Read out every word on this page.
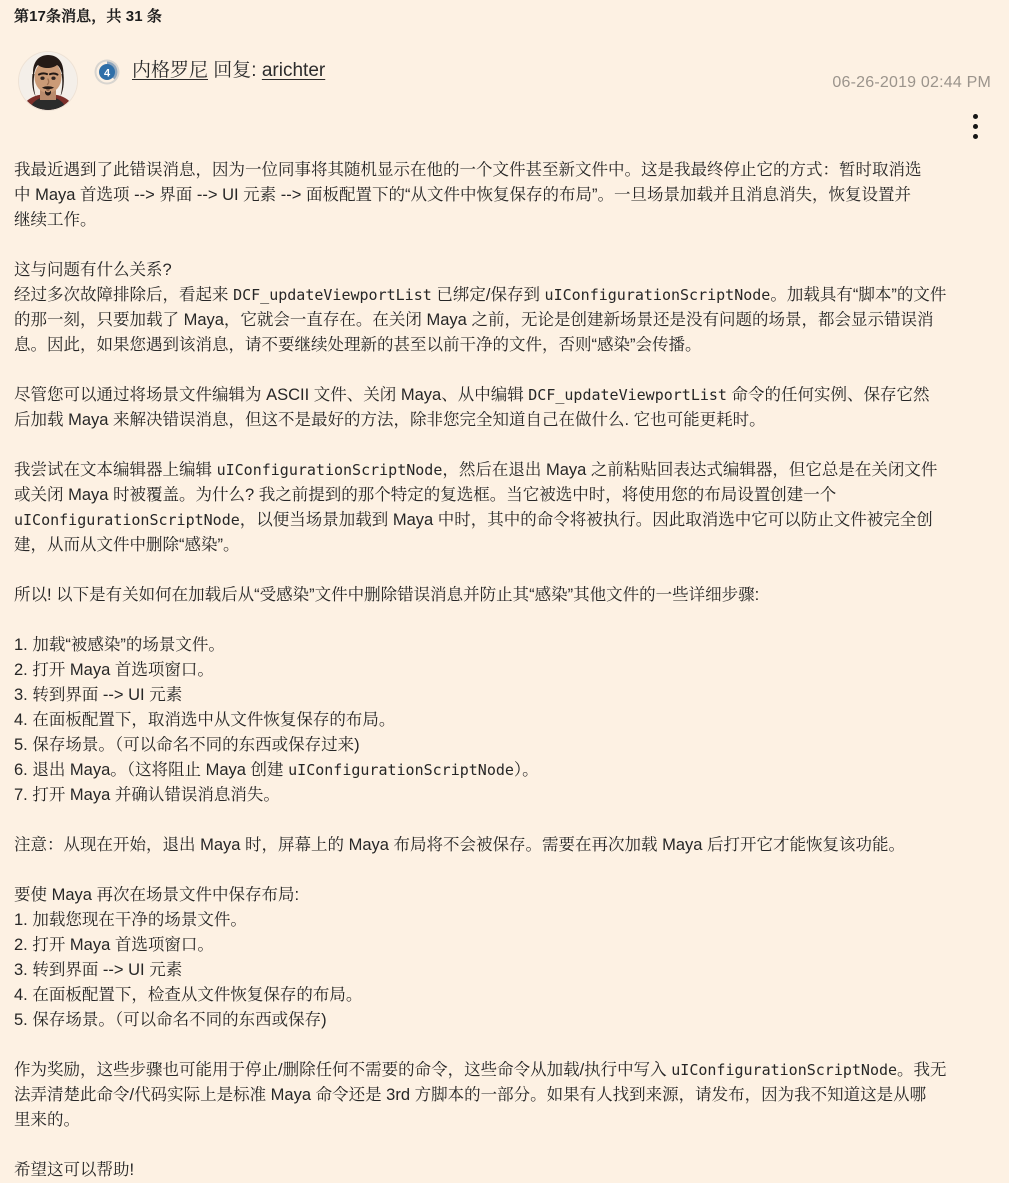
第17条消息，共 31 条
4 内格罗尼 回复: arichter
06-26-2019 02:44 PM

我最近遇到了此错误消息，因为一位同事将其随机显示在他的一个文件甚至新文件中。这是我最终停止它的方式：暂时取消选

中 Maya 首选项 --> 界面 --> UI 元素 --> 面板配置下的“从文件中恢复保存的布局”。一旦场景加载并且消息消失，恢复设置并

继续工作。

这与问题有什么关系?

经过多次故障排除后，看起来 DCF_updateViewportList 已绑定/保存到 uIConfigurationScriptNode。加载具有“脚本”的文件

的那一刻，只要加载了 Maya，它就会一直存在。在关闭 Maya 之前，无论是创建新场景还是没有问题的场景，都会显示错误消

息。因此，如果您遇到该消息，请不要继续处理新的甚至以前干净的文件，否则“感染”会传播。

尽管您可以通过将场景文件编辑为 ASCII 文件、关闭 Maya、从中编辑 DCF_updateViewportList 命令的任何实例、保存它然

后加载 Maya 来解决错误消息，但这不是最好的方法，除非您完全知道自己在做什么. 它也可能更耗时。

我尝试在文本编辑器上编辑 uIConfigurationScriptNode，然后在退出 Maya 之前粘贴回表达式编辑器，但它总是在关闭文件

或关闭 Maya 时被覆盖。为什么? 我之前提到的那个特定的复选框。当它被选中时，将使用您的布局设置创建一个

uIConfigurationScriptNode，以便当场景加载到 Maya 中时，其中的命令将被执行。因此取消选中它可以防止文件被完全创

建，从而从文件中删除“感染”。

所以! 以下是有关如何在加载后从“受感染”文件中删除错误消息并防止其“感染”其他文件的一些详细步骤:

1. 加载“被感染”的场景文件。
2. 打开 Maya 首选项窗口。
3. 转到界面 --> UI 元素
4. 在面板配置下，取消选中从文件恢复保存的布局。
5. 保存场景。（可以命名不同的东西或保存过来)
6. 退出 Maya。（这将阻止 Maya 创建 uIConfigurationScriptNode）。
7. 打开 Maya 并确认错误消息消失。

注意：从现在开始，退出 Maya 时，屏幕上的 Maya 布局将不会被保存。需要在再次加载 Maya 后打开它才能恢复该功能。

要使 Maya 再次在场景文件中保存布局:
1. 加载您现在干净的场景文件。
2. 打开 Maya 首选项窗口。
3. 转到界面 --> UI 元素
4. 在面板配置下，检查从文件恢复保存的布局。
5. 保存场景。（可以命名不同的东西或保存)

作为奖励，这些步骤也可能用于停止/删除任何不需要的命令，这些命令从加载/执行中写入 uIConfigurationScriptNode。我无

法弄清楚此命令/代码实际上是标准 Maya 命令还是 3rd 方脚本的一部分。如果有人找到来源，请发布，因为我不知道这是从哪

里来的。

希望这可以帮助!
